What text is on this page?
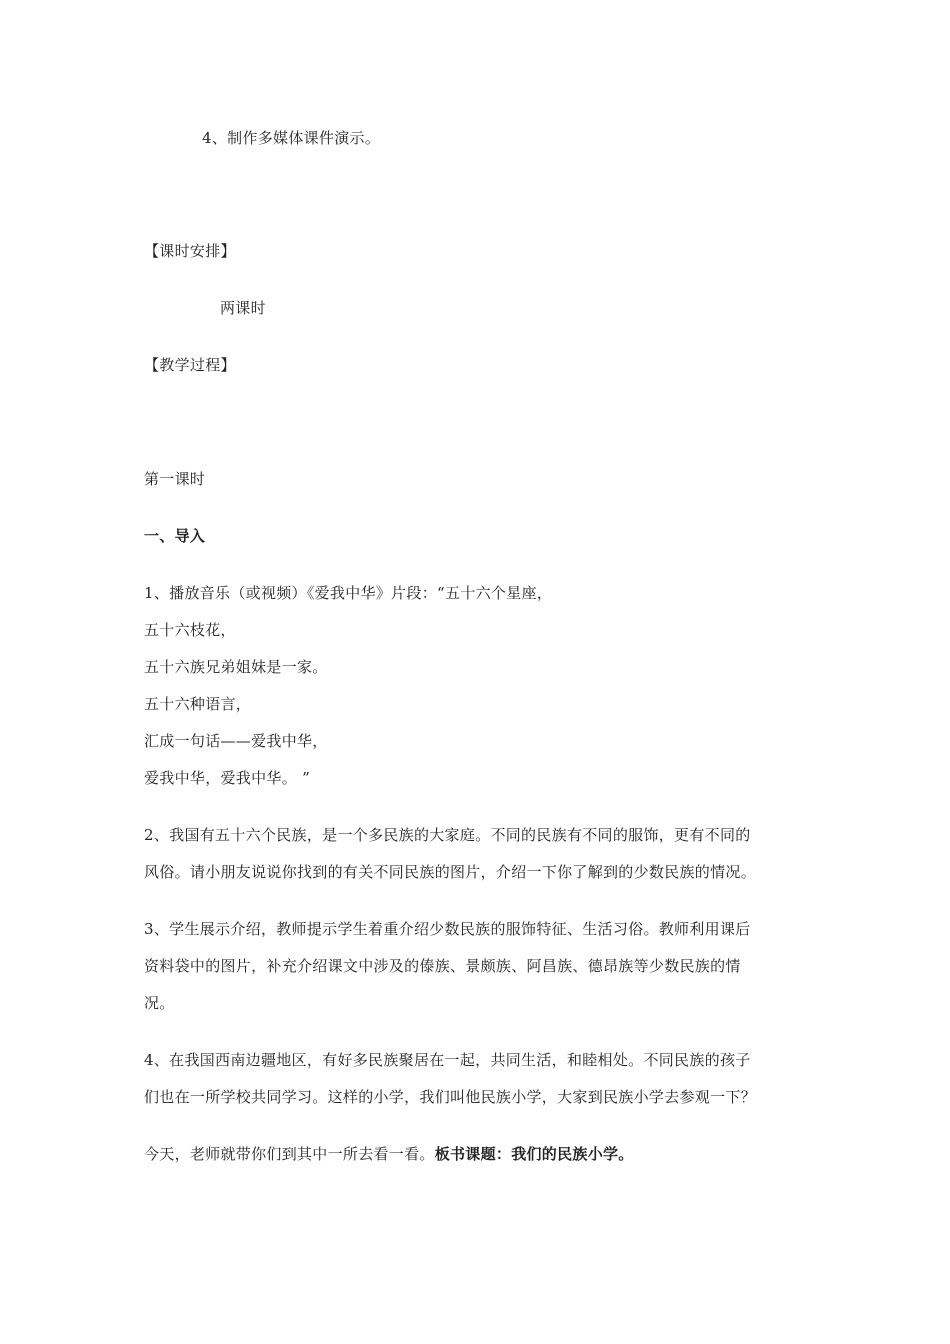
4、制作多媒体课件演示。
【课时安排】
两课时
【教学过程】
第一课时
一、导入
1、播放音乐（或视频）《爱我中华》片段：“五十六个星座，
五十六枝花，
五十六族兄弟姐妹是一家。
五十六种语言，
汇成一句话——爱我中华，
爱我中华，爱我中华。 ”
2、我国有五十六个民族，是一个多民族的大家庭。不同的民族有不同的服饰，更有不同的
风俗。请小朋友说说你找到的有关不同民族的图片，介绍一下你了解到的少数民族的情况。
3、学生展示介绍，教师提示学生着重介绍少数民族的服饰特征、生活习俗。教师利用课后
资料袋中的图片，补充介绍课文中涉及的傣族、景颇族、阿昌族、德昂族等少数民族的情
况。
4、在我国西南边疆地区，有好多民族聚居在一起，共同生活，和睦相处。不同民族的孩子
们也在一所学校共同学习。这样的小学，我们叫他民族小学，大家到民族小学去参观一下？
今天，老师就带你们到其中一所去看一看。板书课题：我们的民族小学。
